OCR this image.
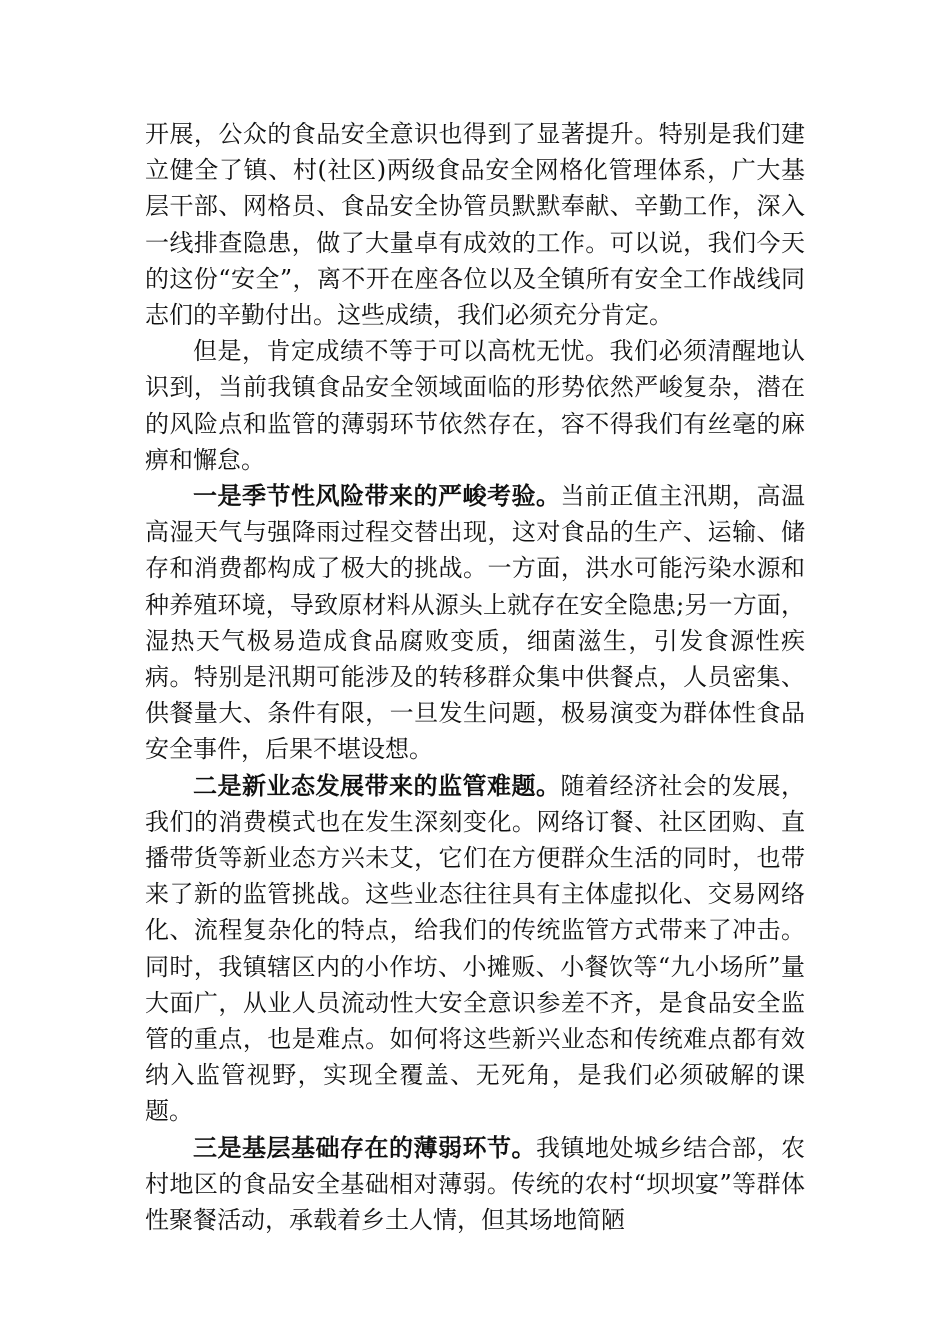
开展，公众的食品安全意识也得到了显著提升。特别是我们建立健全了镇、村(社区)两级食品安全网格化管理体系，广大基层干部、网格员、食品安全协管员默默奉献、辛勤工作，深入一线排查隐患，做了大量卓有成效的工作。可以说，我们今天的这份“安全”，离不开在座各位以及全镇所有安全工作战线同志们的辛勤付出。这些成绩，我们必须充分肯定。

但是，肯定成绩不等于可以高枕无忧。我们必须清醒地认识到，当前我镇食品安全领域面临的形势依然严峻复杂，潜在的风险点和监管的薄弱环节依然存在，容不得我们有丝毫的麻痹和懈怠。

一是季节性风险带来的严峻考验。当前正值主汛期，高温高湿天气与强降雨过程交替出现，这对食品的生产、运输、储存和消费都构成了极大的挑战。一方面，洪水可能污染水源和种养殖环境，导致原材料从源头上就存在安全隐患;另一方面，湿热天气极易造成食品腐败变质，细菌滋生，引发食源性疾病。特别是汛期可能涉及的转移群众集中供餐点，人员密集、供餐量大、条件有限，一旦发生问题，极易演变为群体性食品安全事件，后果不堪设想。

二是新业态发展带来的监管难题。随着经济社会的发展，我们的消费模式也在发生深刻变化。网络订餐、社区团购、直播带货等新业态方兴未艾，它们在方便群众生活的同时，也带来了新的监管挑战。这些业态往往具有主体虚拟化、交易网络化、流程复杂化的特点，给我们的传统监管方式带来了冲击。同时，我镇辖区内的小作坊、小摊贩、小餐饮等“九小场所”量大面广，从业人员流动性大安全意识参差不齐，是食品安全监管的重点，也是难点。如何将这些新兴业态和传统难点都有效纳入监管视野，实现全覆盖、无死角，是我们必须破解的课题。

三是基层基础存在的薄弱环节。我镇地处城乡结合部，农村地区的食品安全基础相对薄弱。传统的农村“坝坝宴”等群体性聚餐活动，承载着乡土人情，但其场地简陋
